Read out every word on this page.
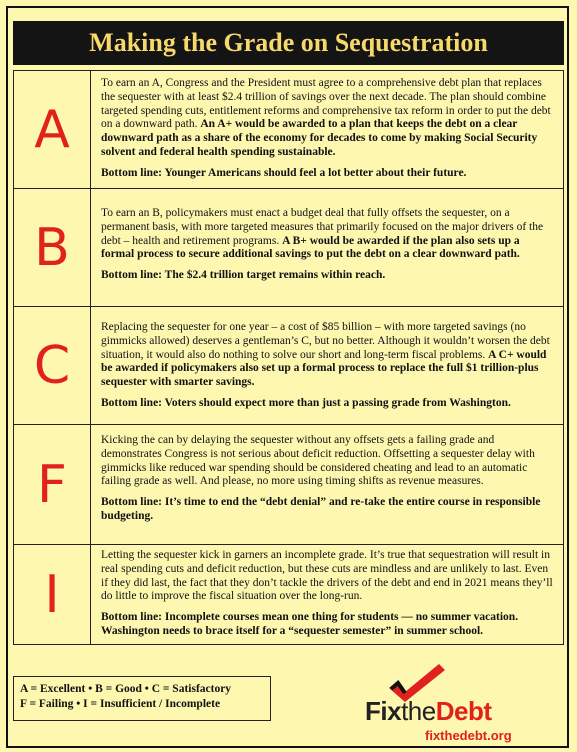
Making the Grade on Sequestration
A

To earn an A, Congress and the President must agree to a comprehensive debt plan that replaces the sequester with at least $2.4 trillion of savings over the next decade. The plan should combine targeted spending cuts, entitlement reforms and comprehensive tax reform in order to put the debt on a downward path. An A+ would be awarded to a plan that keeps the debt on a clear downward path as a share of the economy for decades to come by making Social Security solvent and federal health spending sustainable.

Bottom line: Younger Americans should feel a lot better about their future.

B

To earn an B, policymakers must enact a budget deal that fully offsets the sequester, on a permanent basis, with more targeted measures that primarily focused on the major drivers of the debt – health and retirement programs. A B+ would be awarded if the plan also sets up a formal process to secure additional savings to put the debt on a clear downward path.

Bottom line: The $2.4 trillion target remains within reach.

C

Replacing the sequester for one year – a cost of $85 billion – with more targeted savings (no gimmicks allowed) deserves a gentleman’s C, but no better. Although it wouldn’t worsen the debt situation, it would also do nothing to solve our short and long-term fiscal problems. A C+ would be awarded if policymakers also set up a formal process to replace the full $1 trillion-plus sequester with smarter savings.

Bottom line: Voters should expect more than just a passing grade from Washington.

F

Kicking the can by delaying the sequester without any offsets gets a failing grade and demonstrates Congress is not serious about deficit reduction. Offsetting a sequester delay with gimmicks like reduced war spending should be considered cheating and lead to an automatic failing grade as well. And please, no more using timing shifts as revenue measures.

Bottom line: It’s time to end the “debt denial” and re-take the entire course in responsible budgeting.

I

Letting the sequester kick in garners an incomplete grade. It’s true that sequestration will result in real spending cuts and deficit reduction, but these cuts are mindless and are unlikely to last. Even if they did last, the fact that they don’t tackle the drivers of the debt and end in 2021 means they’ll do little to improve the fiscal situation over the long-run.

Bottom line: Incomplete courses mean one thing for students — no summer vacation. Washington needs to brace itself for a “sequester semester” in summer school.

A = Excellent • B = Good • C = Satisfactory
F = Failing • I = Insufficient / Incomplete	FixtheDebt
fixthedebt.org
